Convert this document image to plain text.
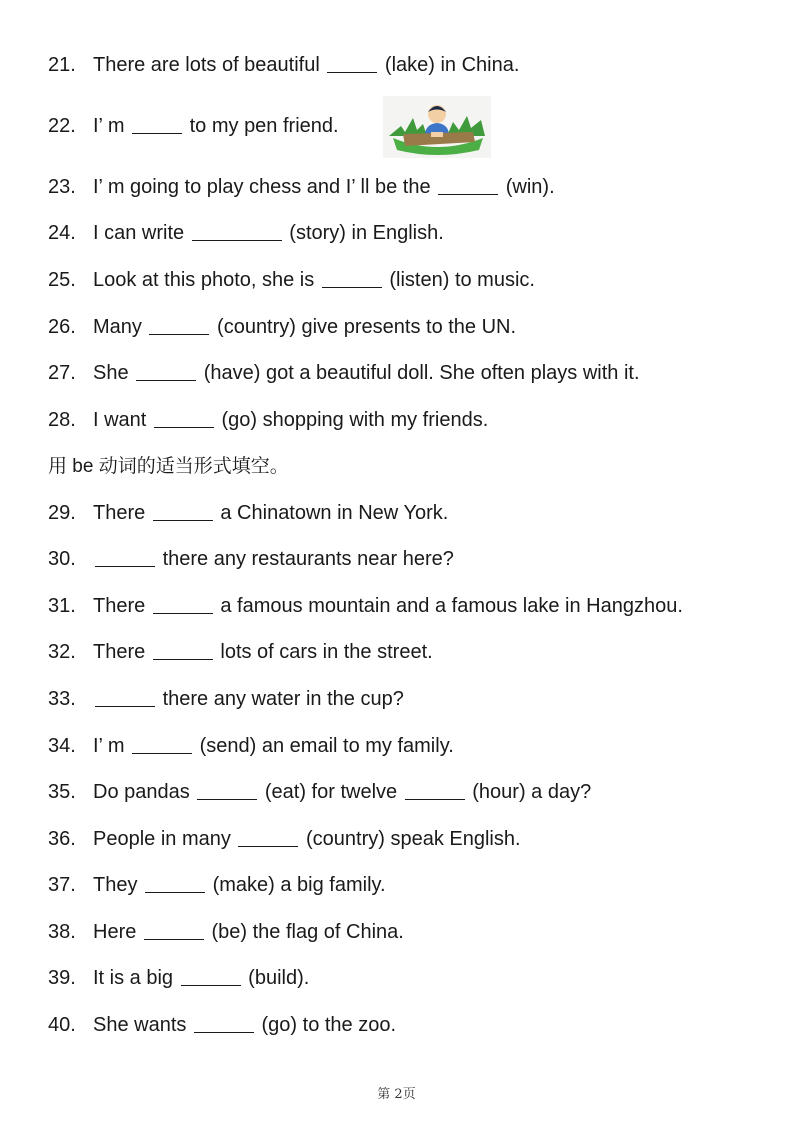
21. There are lots of beautiful	(lake) in China.
22. I’ m	to my pen friend.
23. I’ m going to play chess and I’ ll be the	(win).
24. I can write	(story) in English.
25. Look at this photo, she is	(listen) to music.
26. Many	(country) give presents to the UN.
27. She	(have) got a beautiful doll. She often plays with it.
28. I want	(go) shopping with my friends.
用 be 动词的适当形式填空。
29. There	a Chinatown in New York.
30.	there any restaurants near here?
31. There	a famous mountain and a famous lake in Hangzhou.
32. There	lots of cars in the street.
33.	there any water in the cup?
34. I’ m	(send) an email to my family.
35. Do pandas	(eat) for twelve	(hour) a day?
36. People in many	(country) speak English.
37. They	(make) a big family.
38. Here	(be) the flag of China.
39. It is a big	(build).
40. She wants	(go) to the zoo.
第 2页
